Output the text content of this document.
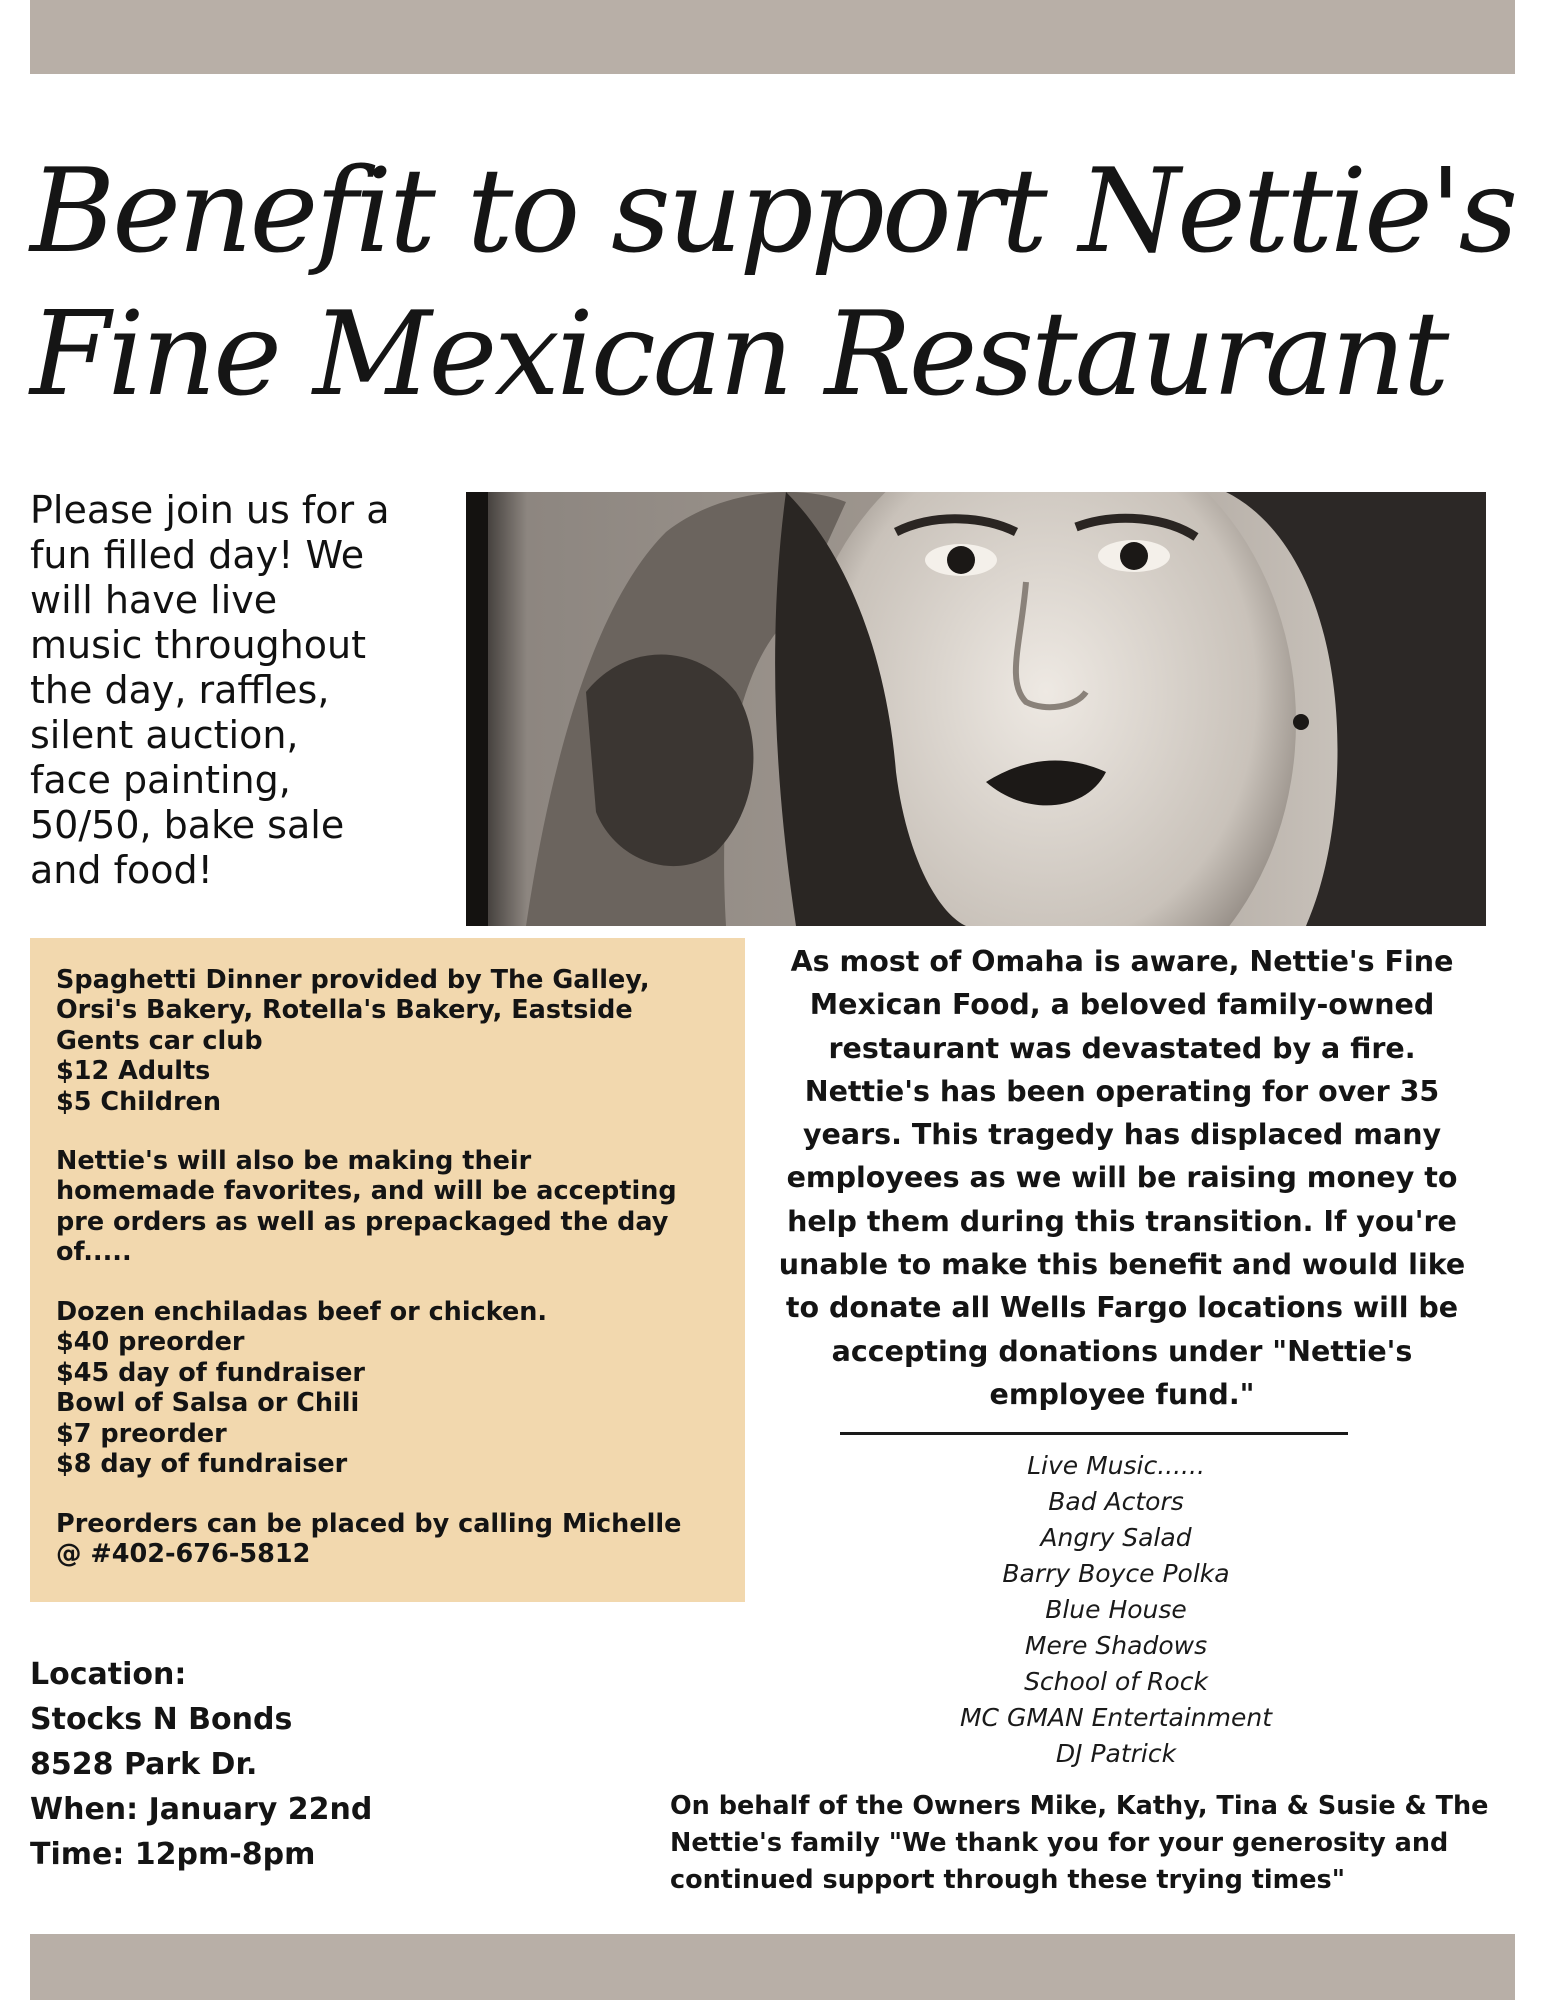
Benefit to support Nettie's
Fine Mexican Restaurant

Please join us for a
fun filled day! We
will have live
music throughout
the day, raffles,
silent auction,
face painting,
50/50, bake sale
and food!

Spaghetti Dinner provided by The Galley,
Orsi's Bakery, Rotella's Bakery, Eastside
Gents car club
$12 Adults
$5 Children

Nettie's will also be making their
homemade favorites, and will be accepting
pre orders as well as prepackaged the day
of.....

Dozen enchiladas beef or chicken.
$40 preorder
$45 day of fundraiser
Bowl of Salsa or Chili
$7 preorder
$8 day of fundraiser

Preorders can be placed by calling Michelle
@ #402-676-5812

As most of Omaha is aware, Nettie's Fine
Mexican Food, a beloved family-owned
restaurant was devastated by a fire.
Nettie's has been operating for over 35
years. This tragedy has displaced many
employees as we will be raising money to
help them during this transition. If you're
unable to make this benefit and would like
to donate all Wells Fargo locations will be
accepting donations under "Nettie's
employee fund."

Live Music......
Bad Actors
Angry Salad
Barry Boyce Polka
Blue House
Mere Shadows
School of Rock
MC GMAN Entertainment
DJ Patrick

Location:
Stocks N Bonds
8528 Park Dr.
When: January 22nd
Time: 12pm-8pm

On behalf of the Owners Mike, Kathy, Tina & Susie & The
Nettie's family "We thank you for your generosity and
continued support through these trying times"
